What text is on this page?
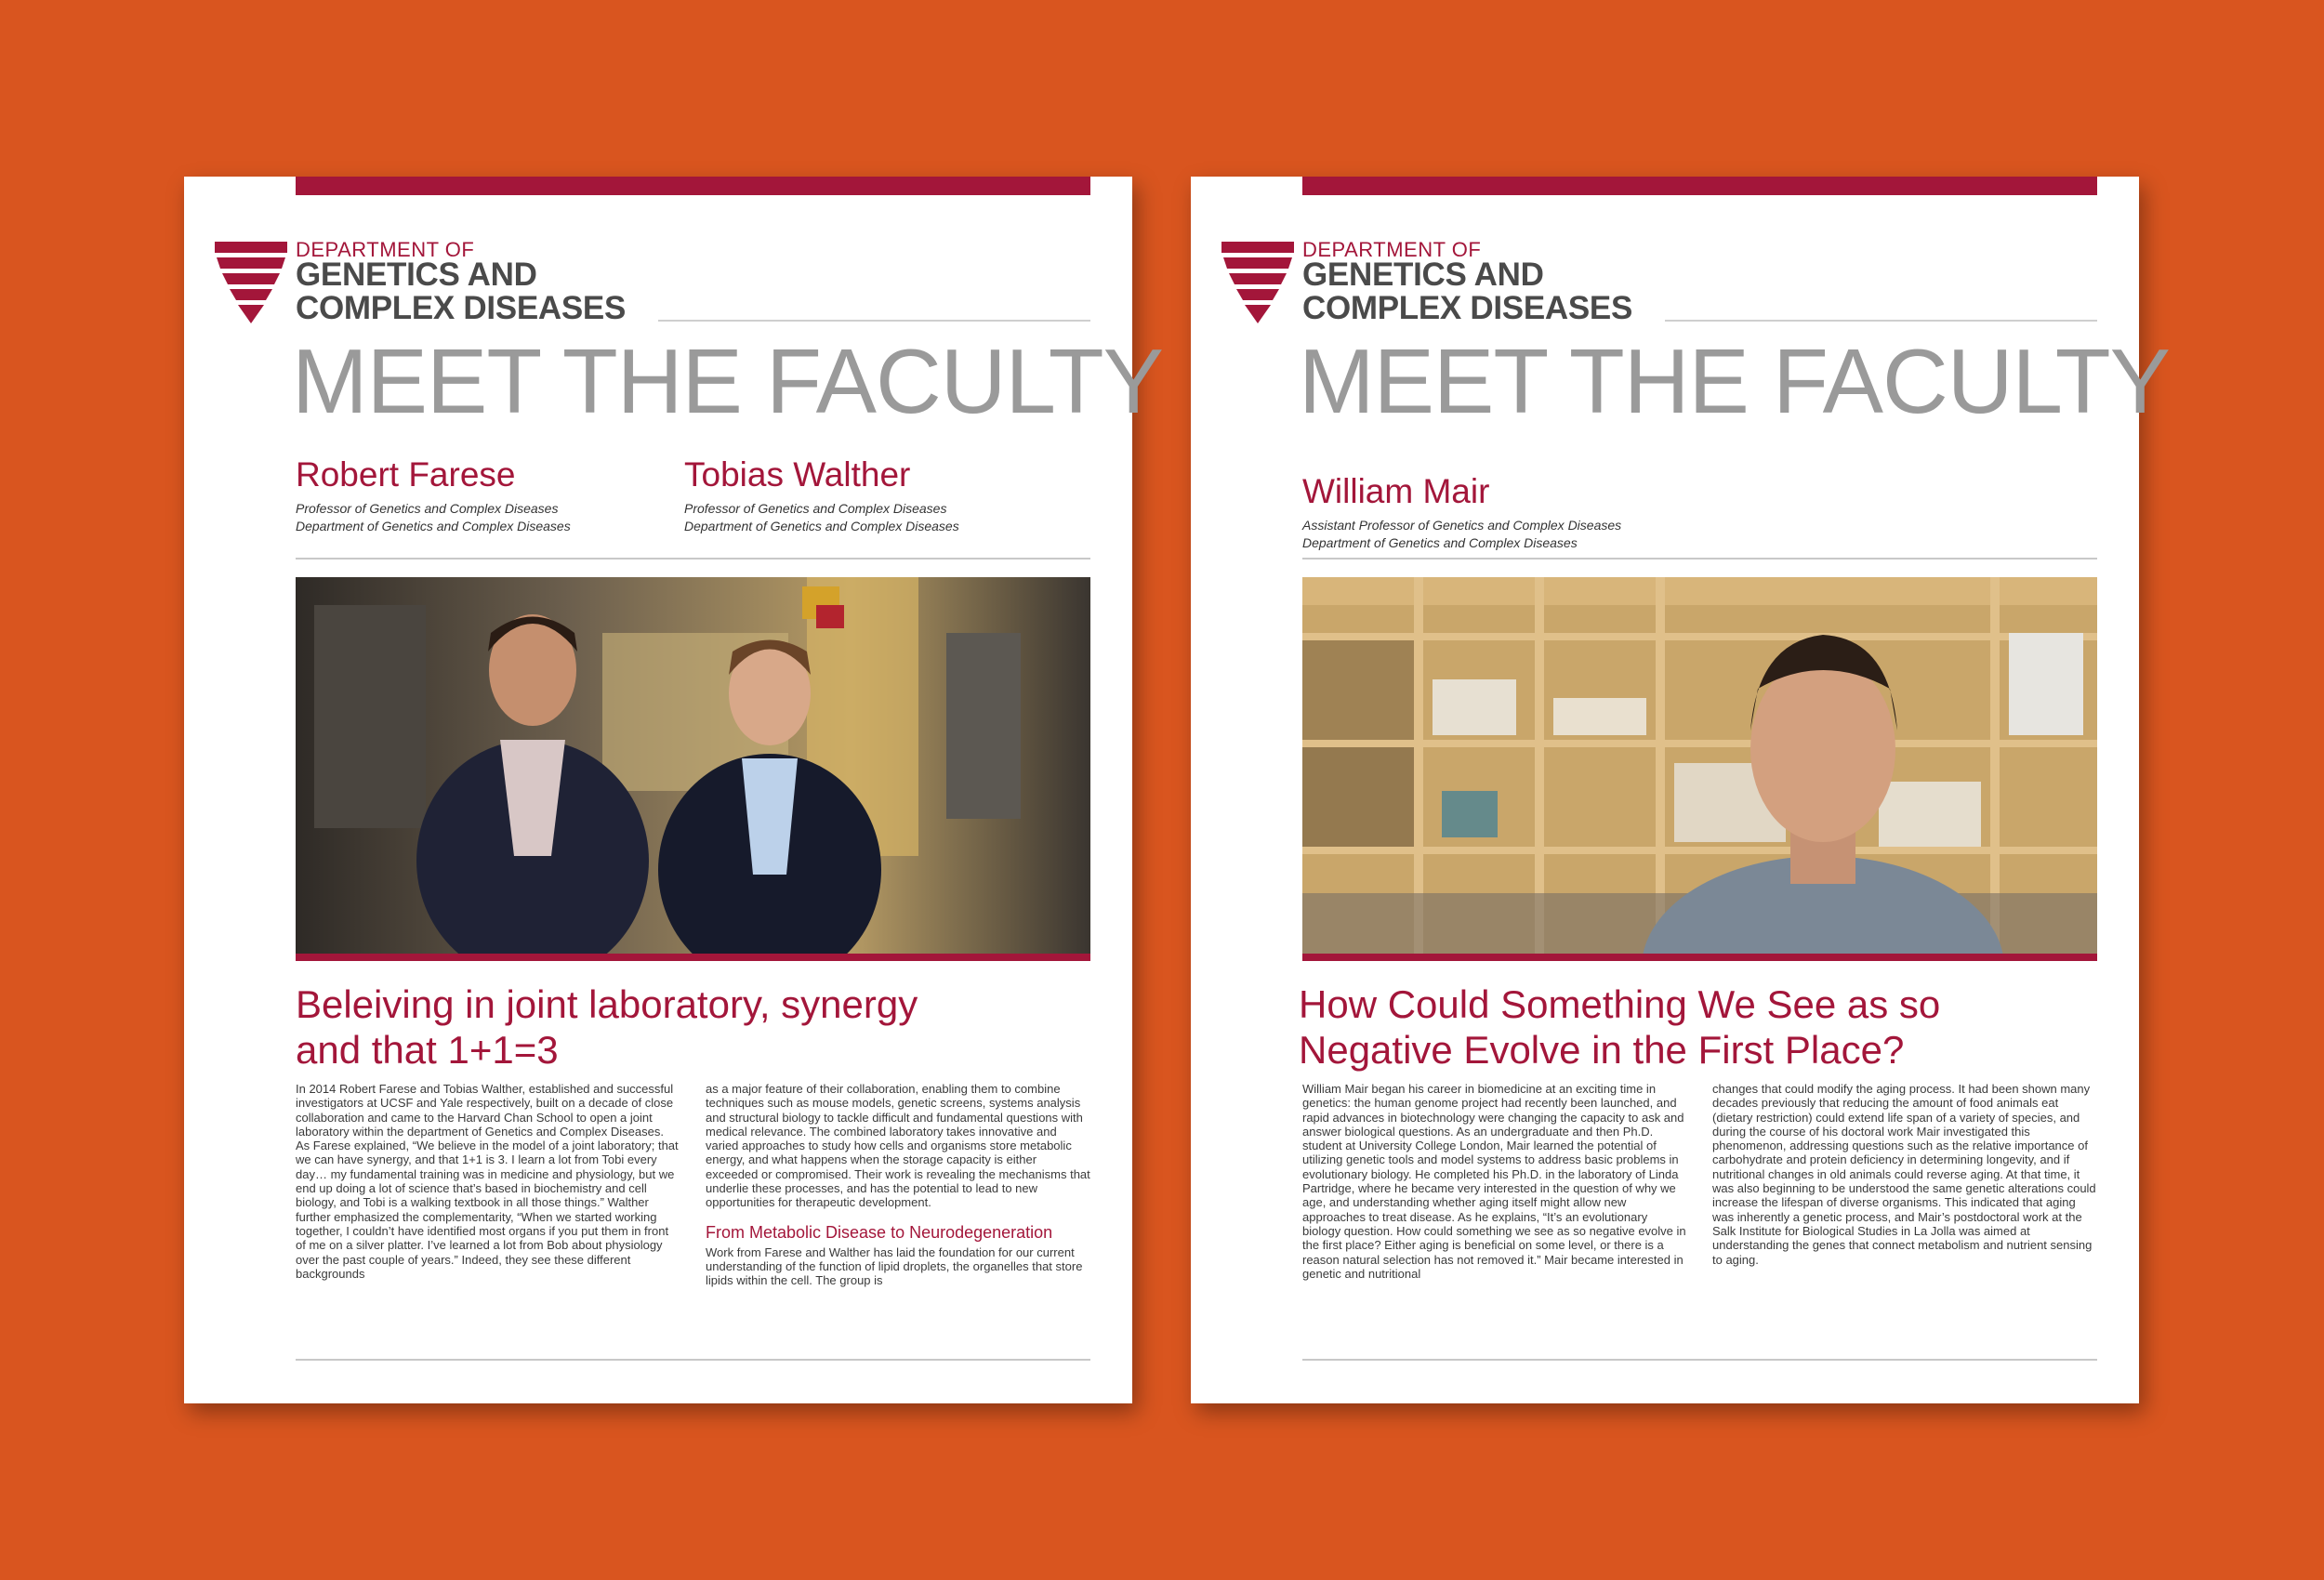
DEPARTMENT OF
GENETICS AND
COMPLEX DISEASES
MEET THE FACULTY
Robert Farese
Professor of Genetics and Complex Diseases
Department of Genetics and Complex Diseases
Tobias Walther
Professor of Genetics and Complex Diseases
Department of Genetics and Complex Diseases
Beleiving in joint laboratory, synergy
and that 1+1=3

In 2014 Robert Farese and Tobias Walther, established and successful investigators at UCSF and Yale respectively, built on a decade of close collaboration and came to the Harvard Chan School to open a joint laboratory within the department of Genetics and Complex Diseases. As Farese explained, “We believe in the model of a joint laboratory; that we can have synergy, and that 1+1 is 3. I learn a lot from Tobi every day… my fundamental training was in medicine and physiology, but we end up doing a lot of science that’s based in biochemistry and cell biology, and Tobi is a walking textbook in all those things.” Walther further emphasized the complementarity, “When we started working together, I couldn’t have identified most organs if you put them in front of me on a silver platter. I’ve learned a lot from Bob about physiology over the past couple of years.” Indeed, they see these different backgrounds

as a major feature of their collaboration, enabling them to combine techniques such as mouse models, genetic screens, systems analysis and structural biology to tackle difficult and fundamental questions with medical relevance. The combined laboratory takes innovative and varied approaches to study how cells and organisms store metabolic energy, and what happens when the storage capacity is either exceeded or compromised. Their work is revealing the mechanisms that underlie these processes, and has the potential to lead to new opportunities for therapeutic development.

From Metabolic Disease to Neurodegeneration

Work from Farese and Walther has laid the foundation for our current understanding of the function of lipid droplets, the organelles that store lipids within the cell. The group is

DEPARTMENT OF
GENETICS AND
COMPLEX DISEASES
MEET THE FACULTY
William Mair
Assistant Professor of Genetics and Complex Diseases
Department of Genetics and Complex Diseases
How Could Something We See as so
Negative Evolve in the First Place?

William Mair began his career in biomedicine at an exciting time in genetics: the human genome project had recently been launched, and rapid advances in biotechnology were changing the capacity to ask and answer biological questions. As an undergraduate and then Ph.D. student at University College London, Mair learned the potential of utilizing genetic tools and model systems to address basic problems in evolutionary biology. He completed his Ph.D. in the laboratory of Linda Partridge, where he became very interested in the question of why we age, and understanding whether aging itself might allow new approaches to treat disease. As he explains, “It’s an evolutionary biology question. How could something we see as so negative evolve in the first place? Either aging is beneficial on some level, or there is a reason natural selection has not removed it.” Mair became interested in genetic and nutritional

changes that could modify the aging process. It had been shown many decades previously that reducing the amount of food animals eat (dietary restriction) could extend life span of a variety of species, and during the course of his doctoral work Mair investigated this phenomenon, addressing questions such as the relative importance of carbohydrate and protein deficiency in determining longevity, and if nutritional changes in old animals could reverse aging. At that time, it was also beginning to be understood the same genetic alterations could increase the lifespan of diverse organisms. This indicated that aging was inherently a genetic process, and Mair’s postdoctoral work at the Salk Institute for Biological Studies in La Jolla was aimed at understanding the genes that connect metabolism and nutrient sensing to aging.
